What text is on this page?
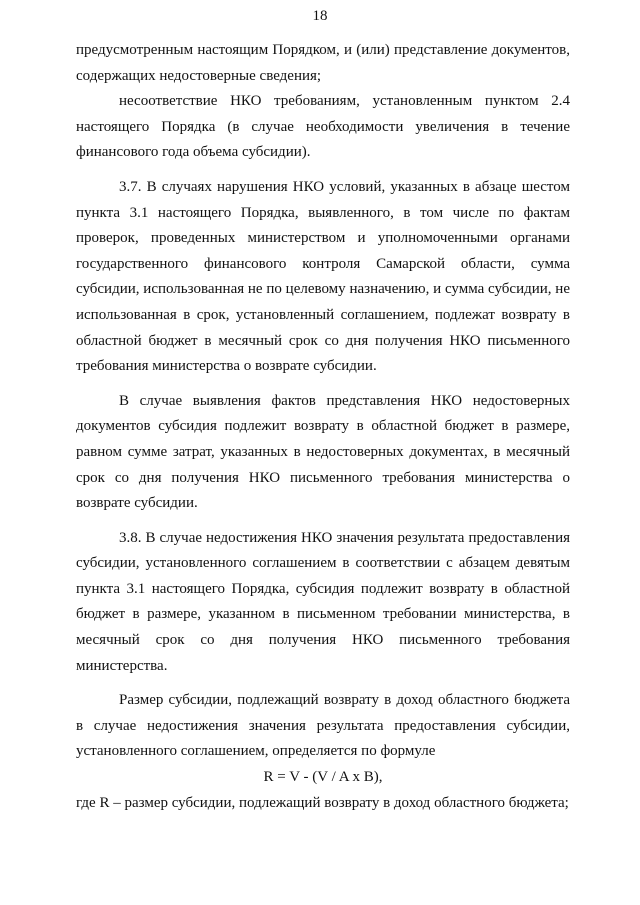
18

предусмотренным настоящим Порядком, и (или) представление документов, содержащих недостоверные сведения;

несоответствие НКО требованиям, установленным пунктом 2.4 настоящего Порядка (в случае необходимости увеличения в течение финансового года объема субсидии).

3.7. В случаях нарушения НКО условий, указанных в абзаце шестом пункта 3.1 настоящего Порядка, выявленного, в том числе по фактам проверок, проведенных министерством и уполномоченными органами государственного финансового контроля Самарской области, сумма субсидии, использованная не по целевому назначению, и сумма субсидии, не использованная в срок, установленный соглашением, подлежат возврату в областной бюджет в месячный срок со дня получения НКО письменного требования министерства о возврате субсидии.

В случае выявления фактов представления НКО недостоверных документов субсидия подлежит возврату в областной бюджет в размере, равном сумме затрат, указанных в недостоверных документах, в месячный срок со дня получения НКО письменного требования министерства о возврате субсидии.

3.8. В случае недостижения НКО значения результата предоставления субсидии, установленного соглашением в соответствии с абзацем девятым пункта 3.1 настоящего Порядка, субсидия подлежит возврату в областной бюджет в размере, указанном в письменном требовании министерства, в месячный срок со дня получения НКО письменного требования министерства.

Размер субсидии, подлежащий возврату в доход областного бюджета в случае недостижения значения результата предоставления субсидии, установленного соглашением, определяется по формуле

R = V - (V / A x B),

где R – размер субсидии, подлежащий возврату в доход областного бюджета;
